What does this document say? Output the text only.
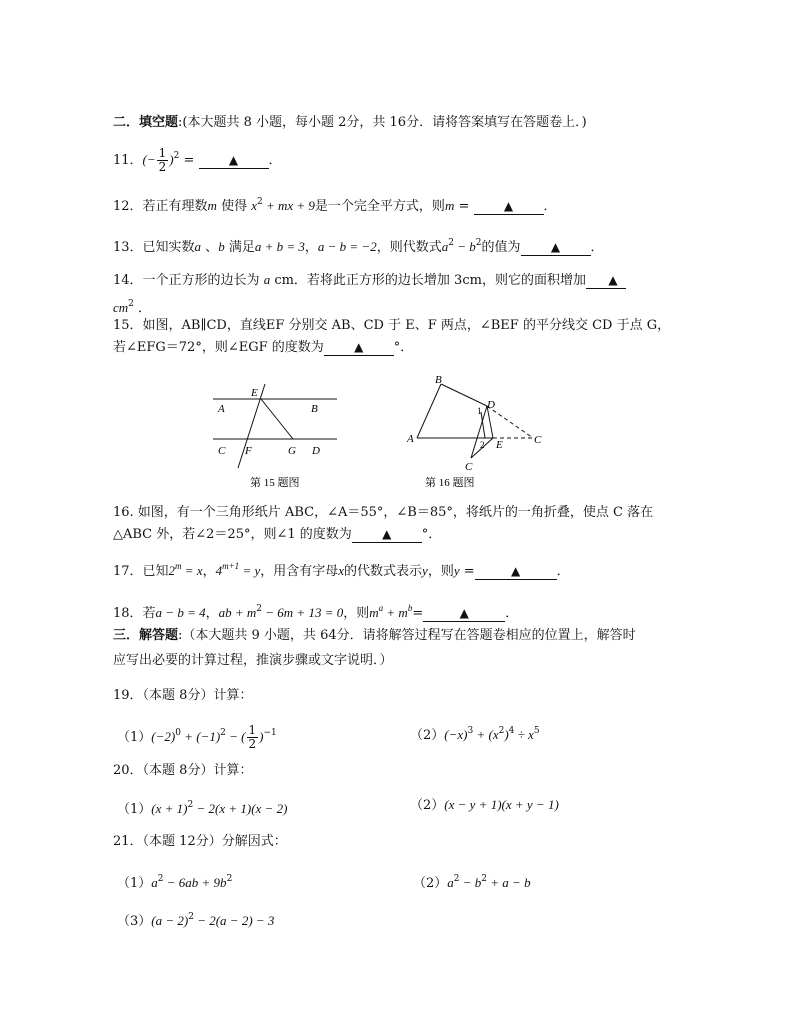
二．填空题:(本大题共 8 小题，每小题 2分，共 16分．请将答案填写在答题卷上．)
11．(− $\frac{1}{2} )^2$ =	▲ ．
12．若正有理数m 使得 $x^2$ + mx + 9是一个完全平方式，则m =	▲ ．
13．已知实数a 、b 满足a + b = 3，a − b = −2，则代数式$a^2 - b^2$的值为	▲ ．
14．一个正方形的边长为 a cm．若将此正方形的边长增加 3cm，则它的面积增加 ▲
$cm^2$ ．
15．如图，AB∥CD，直线EF 分别交 AB、CD 于 E、F 两点，∠BEF 的平分线交 CD 于点 G，
若∠EFG＝72°，则∠EGF 的度数为	▲ °．
E
A	B
C F	G D
第 15 题图
B
D
1
A	2 E
C
C
第 16 题图
16. 如图，有一个三角形纸片 ABC，∠A＝55°，∠B＝85°，将纸片的一角折叠，使点 C 落在
△ABC 外，若∠2＝25°，则∠1 的度数为	▲ °．
17．已知$2^m = x$，$4^{m+1} = y$，用含有字母x的代数式表示y，则y =	▲	．
18．若a − b = 4，ab + $m^2 - 6m + 13 = 0$，则$m^a + m^b=$	▲	．
三．解答题:（本大题共 9 小题，共 64分．请将解答过程写在答题卷相应的位置上，解答时
应写出必要的计算过程，推演步骤或文字说明．）
19．（本题 8分）计算：
$(1)(-2)^0 + (-1)^2$ − ( $\frac{1}{2} )^{-1}$	$(2)(-x)^3 + (x^2)^4 \div x^5$
20．（本题 8分）计算：
$(1)(x + 1)^2 - 2(x + 1)(x - 2)$	（2）(x − y + 1)(x + y − 1)
21．（本题 12分）分解因式：
$(1)a^2 - 6ab + 9b^2$	$(2)a^2 - b^2 + a - b$
$(3)(a - 2)^2 - 2(a - 2) - 3$
